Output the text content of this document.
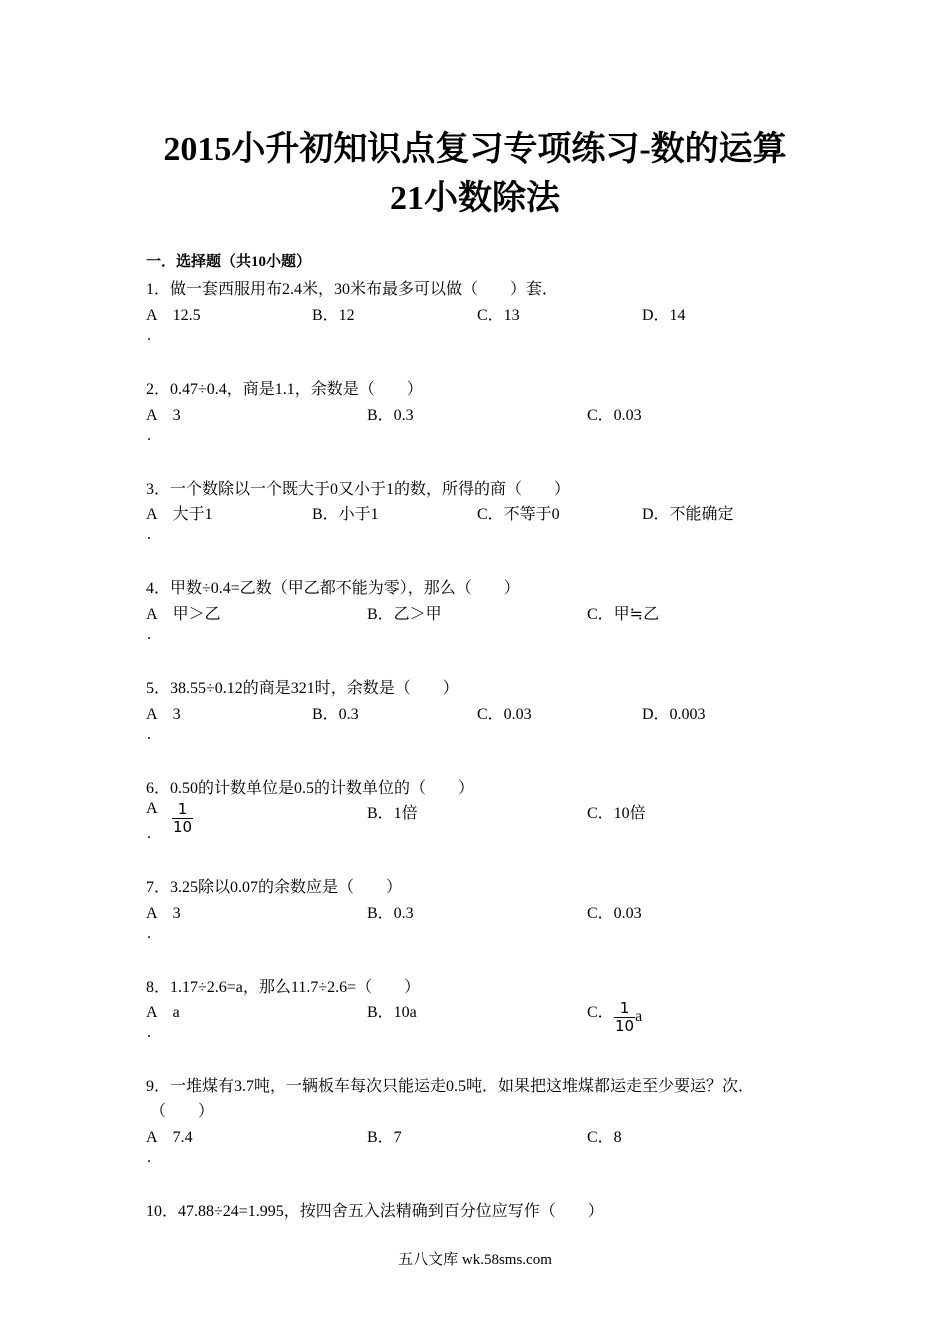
2015小升初知识点复习专项练习-数的运算
21小数除法
一．选择题（共10小题）
1．做一套西服用布2.4米，30米布最多可以做（　　）套．
A　12.5	B．12	C．13	D．14
.
2．0.47÷0.4，商是1.1，余数是（　　）
A　3	B．0.3	C．0.03
.
3．一个数除以一个既大于0又小于1的数，所得的商（　　）
A　大于1	B．小于1	C．不等于0	D．不能确定
.
4．甲数÷0.4=乙数（甲乙都不能为零），那么（　　）
A　甲＞乙	B．乙＞甲	C．甲≒乙
.
5．38.55÷0.12的商是321时，余数是（　　）
A　3	B．0.3	C．0.03	D．0.003
.
6．0.50的计数单位是0.5的计数单位的（　　）
A $\frac{1}{10}$	B．1倍	C．10倍
.
7．3.25除以0.07的余数应是（　　）
A　3	B．0.3	C．0.03
.
8．1.17÷2.6=a，那么11.7÷2.6=（　　）
A　a	B．10a	C． $\frac{1}{10}$ a
.
9．一堆煤有3.7吨，一辆板车每次只能运走0.5吨．如果把这堆煤都运走至少要运？次．
（　　）
A　7.4	B．7	C．8
.
10．47.88÷24=1.995，按四舍五入法精确到百分位应写作（　　）
五八文库 wk.58sms.com
